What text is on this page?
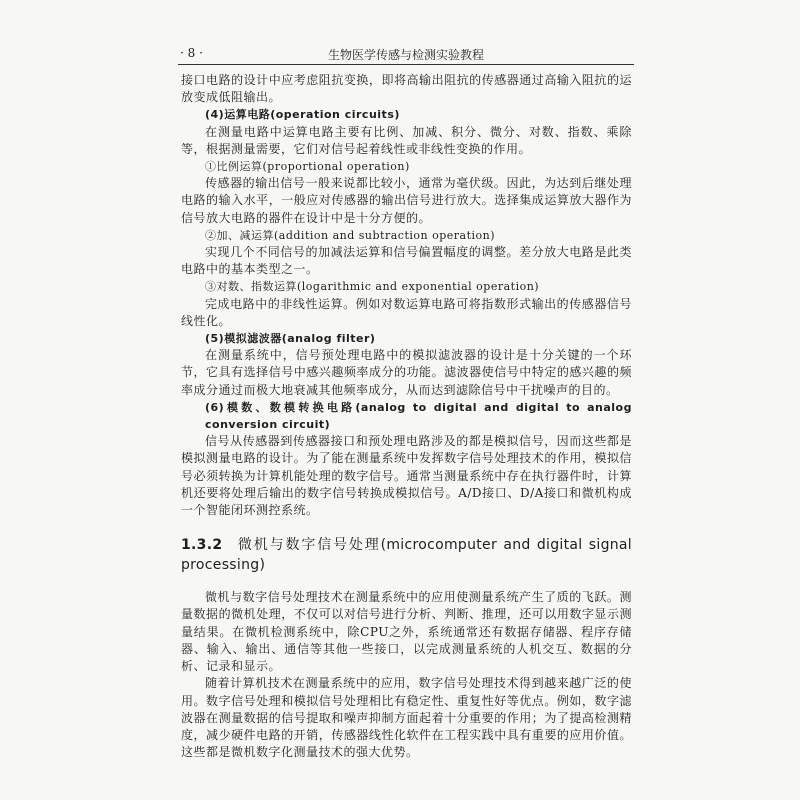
· 8 ·	生物医学传感与检测实验教程

接口电路的设计中应考虑阻抗变换，即将高输出阻抗的传感器通过高输入阻抗的运放变成低阻输出。

(4)运算电路(operation circuits)

在测量电路中运算电路主要有比例、加减、积分、微分、对数、指数、乘除等，根据测量需要，它们对信号起着线性或非线性变换的作用。

①比例运算(proportional operation)

传感器的输出信号一般来说都比较小，通常为毫伏级。因此，为达到后继处理电路的输入水平，一般应对传感器的输出信号进行放大。选择集成运算放大器作为信号放大电路的器件在设计中是十分方便的。

②加、减运算(addition and subtraction operation)

实现几个不同信号的加减法运算和信号偏置幅度的调整。差分放大电路是此类电路中的基本类型之一。

③对数、指数运算(logarithmic and exponential operation)

完成电路中的非线性运算。例如对数运算电路可将指数形式输出的传感器信号线性化。

(5)模拟滤波器(analog filter)

在测量系统中，信号预处理电路中的模拟滤波器的设计是十分关键的一个环节，它具有选择信号中感兴趣频率成分的功能。滤波器使信号中特定的感兴趣的频率成分通过而极大地衰减其他频率成分，从而达到滤除信号中干扰噪声的目的。

(6)模数、数模转换电路(analog to digital and digital to analog conversion circuit)

信号从传感器到传感器接口和预处理电路涉及的都是模拟信号，因而这些都是模拟测量电路的设计。为了能在测量系统中发挥数字信号处理技术的作用，模拟信号必须转换为计算机能处理的数字信号。通常当测量系统中存在执行器件时，计算机还要将处理后输出的数字信号转换成模拟信号。A/D接口、D/A接口和微机构成一个智能闭环测控系统。

1.3.2 微机与数字信号处理(microcomputer and digital signal processing)

微机与数字信号处理技术在测量系统中的应用使测量系统产生了质的飞跃。测量数据的微机处理，不仅可以对信号进行分析、判断、推理，还可以用数字显示测量结果。在微机检测系统中，除CPU之外，系统通常还有数据存储器、程序存储器、输入、输出、通信等其他一些接口，以完成测量系统的人机交互、数据的分析、记录和显示。

随着计算机技术在测量系统中的应用，数字信号处理技术得到越来越广泛的使用。数字信号处理和模拟信号处理相比有稳定性、重复性好等优点。例如，数字滤波器在测量数据的信号提取和噪声抑制方面起着十分重要的作用；为了提高检测精度，减少硬件电路的开销，传感器线性化软件在工程实践中具有重要的应用价值。这些都是微机数字化测量技术的强大优势。
